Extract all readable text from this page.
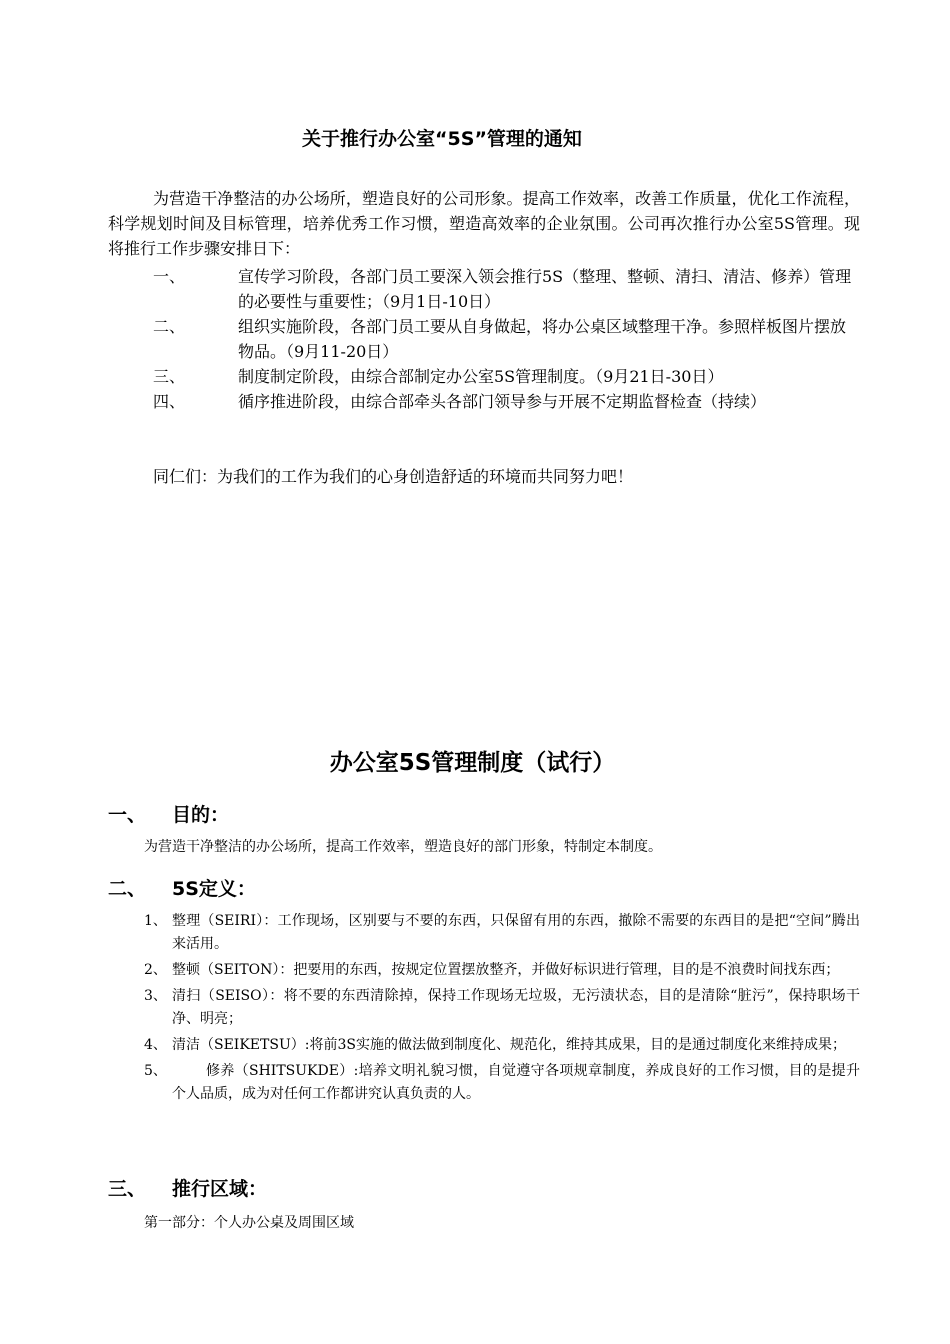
关于推行办公室“5S”管理的通知

为营造干净整洁的办公场所，塑造良好的公司形象。提高工作效率，改善工作质量，优化工作流程，科学规划时间及目标管理，培养优秀工作习惯，塑造高效率的企业氛围。公司再次推行办公室5S管理。现将推行工作步骤安排日下：

一、	宣传学习阶段，各部门员工要深入领会推行5S（整理、整顿、清扫、清洁、修养）管理的必要性与重要性；（9月1日-10日）
二、	组织实施阶段，各部门员工要从自身做起，将办公桌区域整理干净。参照样板图片摆放物品。（9月11-20日）
三、	制度制定阶段，由综合部制定办公室5S管理制度。（9月21日-30日）
四、	循序推进阶段，由综合部牵头各部门领导参与开展不定期监督检查（持续）

同仁们：为我们的工作为我们的心身创造舒适的环境而共同努力吧！

办公室5S管理制度（试行）
一、 目的：

为营造干净整洁的办公场所，提高工作效率，塑造良好的部门形象，特制定本制度。

二、 5S定义：
1、 整理（SEIRI）：工作现场，区别要与不要的东西，只保留有用的东西，撤除不需要的东西目的是把“空间”腾出来活用。
2、 整顿（SEITON）：把要用的东西，按规定位置摆放整齐，并做好标识进行管理，目的是不浪费时间找东西；
3、 清扫（SEISO）：将不要的东西清除掉，保持工作现场无垃圾，无污渍状态，目的是清除“脏污”，保持职场干净、明亮；
4、 清洁（SEIKETSU）:将前3S实施的做法做到制度化、规范化，维持其成果，目的是通过制度化来维持成果；
5、	修养（SHITSUKDE）:培养文明礼貌习惯，自觉遵守各项规章制度，养成良好的工作习惯，目的是提升个人品质，成为对任何工作都讲究认真负责的人。
三、 推行区域：

第一部分：个人办公桌及周围区域
